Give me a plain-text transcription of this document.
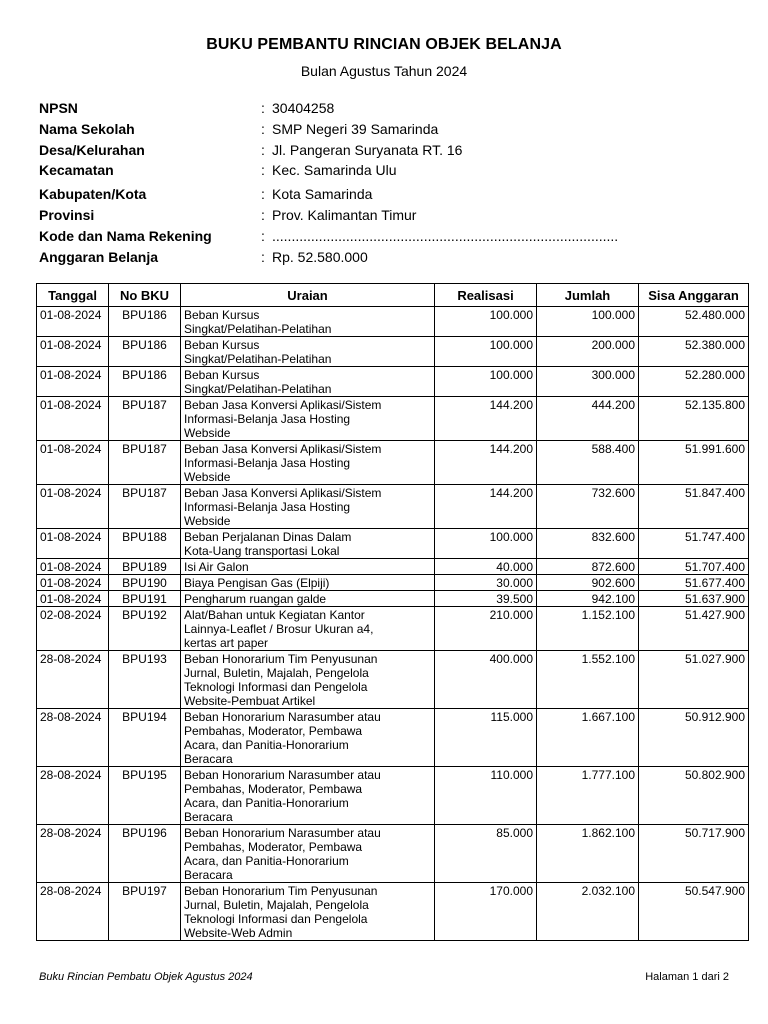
BUKU PEMBANTU RINCIAN OBJEK BELANJA
Bulan Agustus Tahun 2024
NPSN	: 30404258
Nama Sekolah	: SMP Negeri 39 Samarinda
Desa/Kelurahan	: Jl. Pangeran Suryanata RT. 16
Kecamatan	: Kec. Samarinda Ulu
Kabupaten/Kota	: Kota Samarinda
Provinsi	: Prov. Kalimantan Timur
Kode dan Nama Rekening	: .........................................................................................
Anggaran Belanja	: Rp. 52.580.000
Tanggal	No BKU	Uraian	Realisasi	Jumlah	Sisa Anggaran
01-08-2024	BPU186	Beban Kursus
Singkat/Pelatihan-Pelatihan	100.000	100.000	52.480.000
01-08-2024	BPU186	Beban Kursus
Singkat/Pelatihan-Pelatihan	100.000	200.000	52.380.000
01-08-2024	BPU186	Beban Kursus
Singkat/Pelatihan-Pelatihan	100.000	300.000	52.280.000
01-08-2024	BPU187	Beban Jasa Konversi Aplikasi/Sistem
Informasi-Belanja Jasa Hosting
Webside	144.200	444.200	52.135.800
01-08-2024	BPU187	Beban Jasa Konversi Aplikasi/Sistem
Informasi-Belanja Jasa Hosting
Webside	144.200	588.400	51.991.600
01-08-2024	BPU187	Beban Jasa Konversi Aplikasi/Sistem
Informasi-Belanja Jasa Hosting
Webside	144.200	732.600	51.847.400
01-08-2024	BPU188	Beban Perjalanan Dinas Dalam
Kota-Uang transportasi Lokal	100.000	832.600	51.747.400
01-08-2024	BPU189	Isi Air Galon	40.000	872.600	51.707.400
01-08-2024	BPU190	Biaya Pengisan Gas (Elpiji)	30.000	902.600	51.677.400
01-08-2024	BPU191	Pengharum ruangan galde	39.500	942.100	51.637.900
02-08-2024	BPU192	Alat/Bahan untuk Kegiatan Kantor
Lainnya-Leaflet / Brosur Ukuran a4,
kertas art paper	210.000	1.152.100	51.427.900
28-08-2024	BPU193	Beban Honorarium Tim Penyusunan
Jurnal, Buletin, Majalah, Pengelola
Teknologi Informasi dan Pengelola
Website-Pembuat Artikel	400.000	1.552.100	51.027.900
28-08-2024	BPU194	Beban Honorarium Narasumber atau
Pembahas, Moderator, Pembawa
Acara, dan Panitia-Honorarium
Beracara	115.000	1.667.100	50.912.900
28-08-2024	BPU195	Beban Honorarium Narasumber atau
Pembahas, Moderator, Pembawa
Acara, dan Panitia-Honorarium
Beracara	110.000	1.777.100	50.802.900
28-08-2024	BPU196	Beban Honorarium Narasumber atau
Pembahas, Moderator, Pembawa
Acara, dan Panitia-Honorarium
Beracara	85.000	1.862.100	50.717.900
28-08-2024	BPU197	Beban Honorarium Tim Penyusunan
Jurnal, Buletin, Majalah, Pengelola
Teknologi Informasi dan Pengelola
Website-Web Admin	170.000	2.032.100	50.547.900
Buku Rincian Pembatu Objek Agustus 2024	Halaman 1 dari 2
